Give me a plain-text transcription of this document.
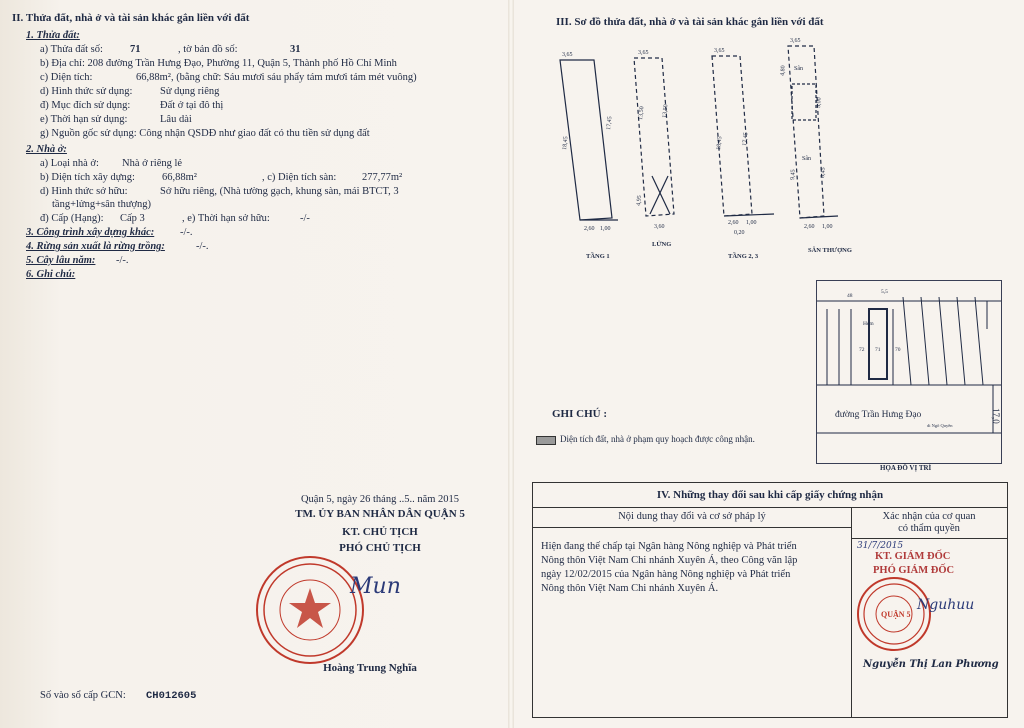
II. Thửa đất, nhà ở và tài sản khác gắn liền với đất
1. Thửa đất:
a) Thửa đất số:	71	, tờ bản đồ số:	31
b) Địa chỉ: 208 đường Trần Hưng Đạo, Phường 11, Quận 5, Thành phố Hồ Chí Minh
c) Diện tích:	66,88m², (bằng chữ: Sáu mươi sáu phẩy tám mươi tám mét vuông)
d) Hình thức sử dụng:	Sử dụng riêng
đ) Mục đích sử dụng:	Đất ở tại đô thị
e) Thời hạn sử dụng:	Lâu dài
g) Nguồn gốc sử dụng: Công nhận QSDĐ như giao đất có thu tiền sử dụng đất
2. Nhà ở:
a) Loại nhà ở: Nhà ở riêng lẻ
b) Diện tích xây dựng:	66,88m²	, c) Diện tích sàn: 277,77m²
d) Hình thức sở hữu:	Sở hữu riêng, (Nhà tường gạch, khung sàn, mái BTCT, 3
tầng+lửng+sân thượng)
đ) Cấp (Hạng): Cấp 3	, e) Thời hạn sở hữu:	-/-
3. Công trình xây dựng khác: -/-.
4. Rừng sản xuất là rừng trồng:	-/-.
5. Cây lâu năm: -/-.
6. Ghi chú:
Quận 5, ngày 26 tháng ..5.. năm 2015
TM. ỦY BAN NHÂN DÂN QUẬN 5
KT. CHỦ TỊCH
PHÓ CHỦ TỊCH
Mun
Hoàng Trung Nghĩa
Số vào sổ cấp GCN: CH012605
III. Sơ đồ thửa đất, nhà ở và tài sản khác gắn liền với đất
3,65
18,45
17,45
2,60 1,00
3,65
13,50	13,50
4,95
3,60
3,65
18,45	17,45
2,60 1,00
0,20
3,65
Sân
4,80
5,00
Sân
9,45	8,45
2,60 1,00
TẦNG 1
LỬNG
TẦNG 2, 3
SÂN THƯỢNG
48
5,5
72 71	70
Hẻm
di Ngô Quyền
đường Trần Hưng Đạo	17,0
HỌA ĐỒ VỊ TRÍ
GHI CHÚ :
Diện tích đất, nhà ở phạm quy hoạch được công nhận.
IV. Những thay đổi sau khi cấp giấy chứng nhận
Nội dung thay đổi và cơ sở pháp lý
Hiện đang thế chấp tại Ngân hàng Nông nghiệp và Phát triển
Nông thôn Việt Nam Chi nhánh Xuyên Á, theo Công văn lập
ngày 12/02/2015 của Ngân hàng Nông nghiệp và Phát triển
Nông thôn Việt Nam Chi nhánh Xuyên Á.
Xác nhận của cơ quan
có thẩm quyền
31/7/2015
KT. GIÁM ĐỐC
PHÓ GIÁM ĐỐC
QUẬN 5
Nguhuu
Nguyễn Thị Lan Phương
